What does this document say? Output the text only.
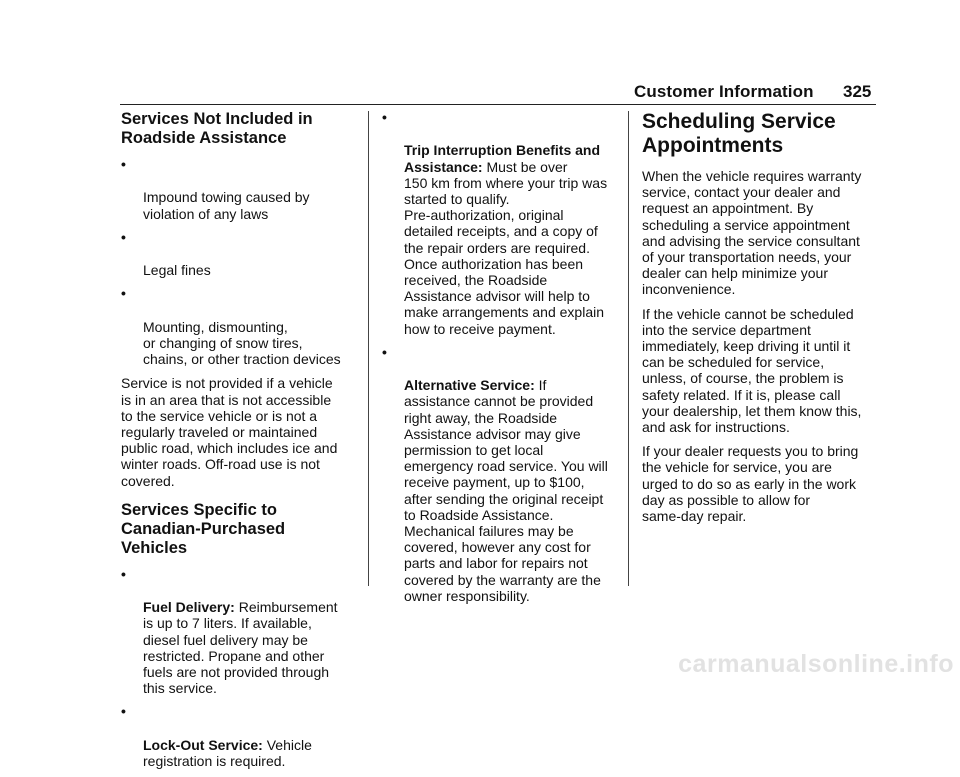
Customer Information 325
Services Not Included in
Roadside Assistance

•

Impound towing caused by
violation of any laws

•

Legal fines

•

Mounting, dismounting,
or changing of snow tires,
chains, or other traction devices

Service is not provided if a vehicle
is in an area that is not accessible
to the service vehicle or is not a
regularly traveled or maintained
public road, which includes ice and
winter roads. Off-road use is not
covered.
Services Specific to
Canadian-Purchased Vehicles

•

Fuel Delivery: Reimbursement
is up to 7 liters. If available,
diesel fuel delivery may be
restricted. Propane and other
fuels are not provided through
this service.

•

Lock-Out Service: Vehicle
registration is required.

•

Trip Interruption Benefits and
Assistance: Must be over
150 km from where your trip was
started to qualify.
Pre-authorization, original
detailed receipts, and a copy of
the repair orders are required.
Once authorization has been
received, the Roadside
Assistance advisor will help to
make arrangements and explain
how to receive payment.

•

Alternative Service: If
assistance cannot be provided
right away, the Roadside
Assistance advisor may give
permission to get local
emergency road service. You will
receive payment, up to $100,
after sending the original receipt
to Roadside Assistance.
Mechanical failures may be
covered, however any cost for
parts and labor for repairs not
covered by the warranty are the
owner responsibility.

Scheduling Service
Appointments
When the vehicle requires warranty
service, contact your dealer and
request an appointment. By
scheduling a service appointment
and advising the service consultant
of your transportation needs, your
dealer can help minimize your
inconvenience.
If the vehicle cannot be scheduled
into the service department
immediately, keep driving it until it
can be scheduled for service,
unless, of course, the problem is
safety related. If it is, please call
your dealership, let them know this,
and ask for instructions.
If your dealer requests you to bring
the vehicle for service, you are
urged to do so as early in the work
day as possible to allow for
same-day repair.
carmanualsonline.info
